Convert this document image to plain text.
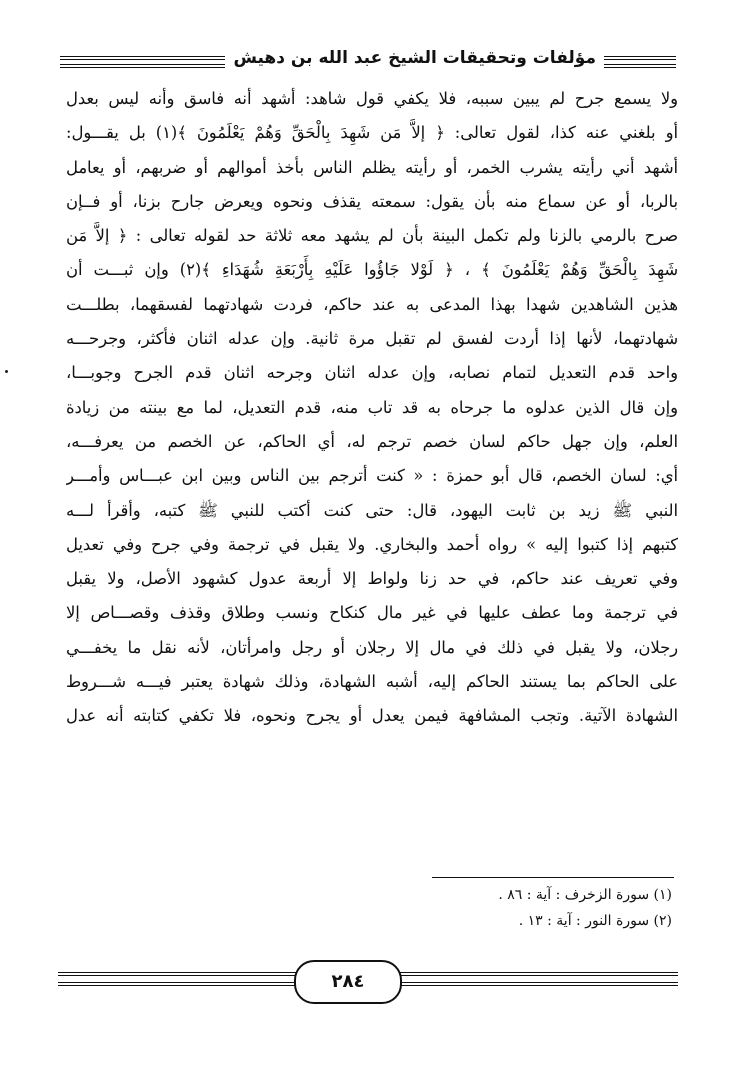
مؤلفات وتحقيقات الشيخ عبد الله بن دهيش
ولا يسمع جرح لم يبين سببه، فلا يكفي قول شاهد: أشهد أنه فاسق وأنه ليس بعدل
أو بلغني عنه كذا، لقول تعالى: ﴿ إلاَّ مَن شَهِدَ بِالْحَقِّ وَهُمْ يَعْلَمُونَ ﴾(١) بل يقـــول:
أشهد أني رأيته يشرب الخمر، أو رأيته يظلم الناس بأخذ أموالهم أو ضربهم، أو يعامل
بالربا، أو عن سماع منه بأن يقول: سمعته يقذف ونحوه ويعرض جارح بزنا، أو فــإن
صرح بالرمي بالزنا ولم تكمل البينة بأن لم يشهد معه ثلاثة حد لقوله تعالى : ﴿ إلاَّ مَن
شَهِدَ بِالْحَقِّ وَهُمْ يَعْلَمُونَ ﴾ ، ﴿ لَوْلا جَاؤُوا عَلَيْهِ بِأَرْبَعَةِ شُهَدَاءِ ﴾(٢) وإن ثبـــت أن
هذين الشاهدين شهدا بهذا المدعى به عند حاكم، فردت شهادتهما لفسقهما، بطلـــت
شهادتهما، لأنها إذا أردت لفسق لم تقبل مرة ثانية. وإن عدله اثنان فأكثر، وجرحـــه
واحد قدم التعديل لتمام نصابه، وإن عدله اثنان وجرحه اثنان قدم الجرح وجوبـــا،
وإن قال الذين عدلوه ما جرحاه به قد تاب منه، قدم التعديل، لما مع بينته من زيادة
العلم، وإن جهل حاكم لسان خصم ترجم له، أي الحاكم، عن الخصم من يعرفـــه،
أي: لسان الخصم، قال أبو حمزة : « كنت أترجم بين الناس وبين ابن عبـــاس وأمـــر
النبي ﷺ زيد بن ثابت اليهود، قال: حتى كنت أكتب للنبي ﷺ كتبه، وأقرأ لـــه
كتبهم إذا كتبوا إليه » رواه أحمد والبخاري. ولا يقبل في ترجمة وفي جرح وفي تعديل
وفي تعريف عند حاكم، في حد زنا ولواط إلا أربعة عدول كشهود الأصل، ولا يقبل
في ترجمة وما عطف عليها في غير مال كنكاح ونسب وطلاق وقذف وقصـــاص إلا
رجلان، ولا يقبل في ذلك في مال إلا رجلان أو رجل وامرأتان، لأنه نقل ما يخفـــي
على الحاكم بما يستند الحاكم إليه، أشبه الشهادة، وذلك شهادة يعتبر فيـــه شـــروط
الشهادة الآتية. وتجب المشافهة فيمن يعدل أو يجرح ونحوه، فلا تكفي كتابته أنه عدل
(١) سورة الزخرف : آية : ٨٦ .
(٢) سورة النور : آية : ١٣ .
٢٨٤
